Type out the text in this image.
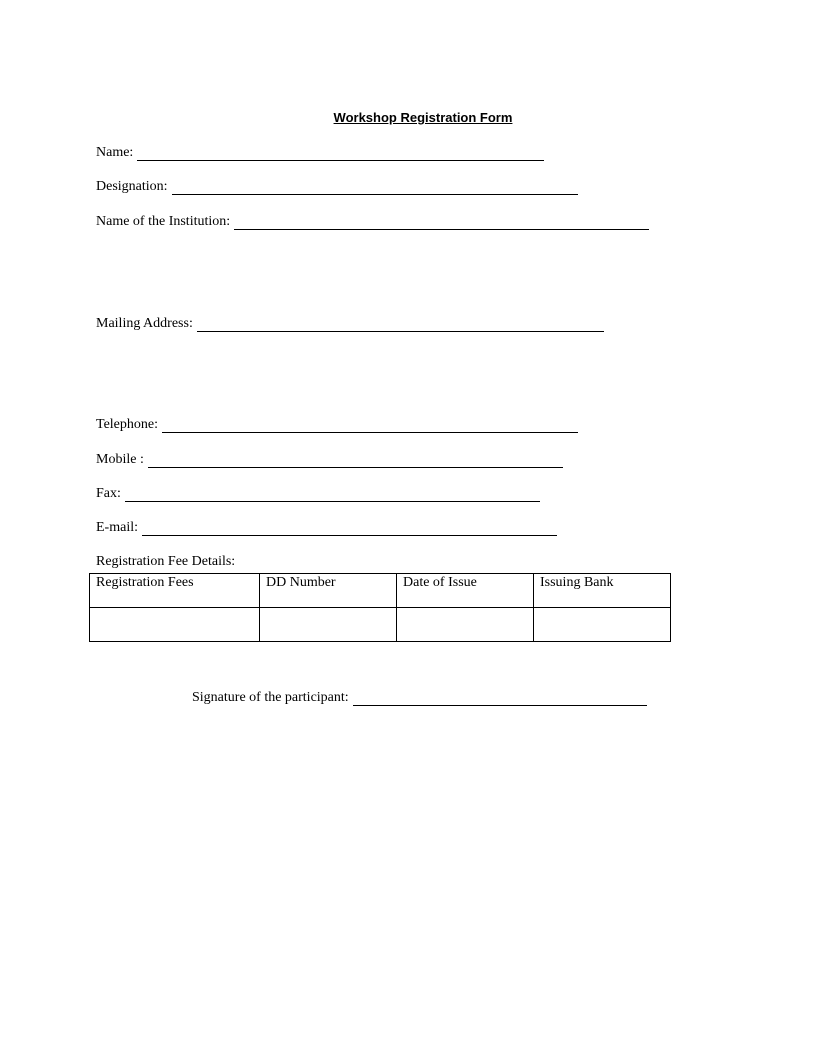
Workshop Registration Form
Name:
Designation:
Name of the Institution:
Mailing Address:
Telephone:
Mobile :
Fax:
E-mail:
Registration Fee Details:
Registration Fees	DD Number	Date of Issue	Issuing Bank

Signature of the participant:
